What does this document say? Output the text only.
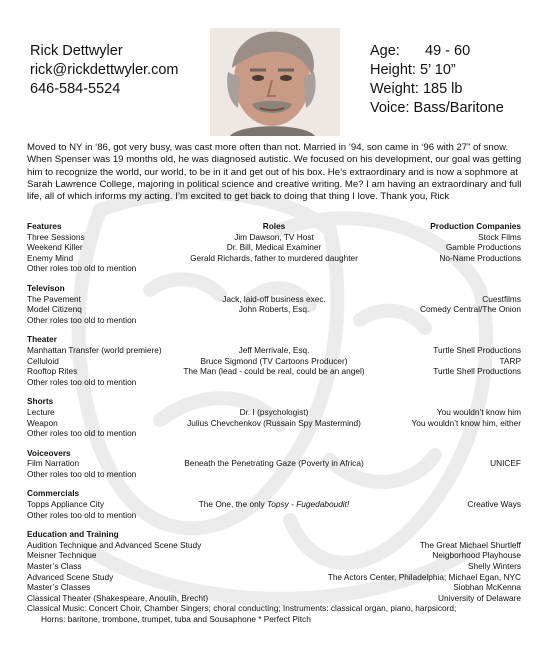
Rick Dettwyler
rick@rickdettwyler.com
646-584-5524
Age: 49 - 60
Height: 5’ 10”
Weight: 185 lb
Voice: Bass/Baritone
Moved to NY in ‘86, got very busy, was cast more often than not. Married in ‘94, son came in ‘96 with 27” of snow. When Spenser was 19 months old, he was diagnosed autistic. We focused on his development, our goal was getting him to recognize the world, our world, to be in it and get out of his box. He’s extraordinary and is now a sophmore at Sarah Lawrence College, majoring in political science and creative writing. Me? I am having an extraordinary and full life, all of which informs my acting. I’m excited to get back to doing that thing I love. Thank you, Rick
Features	Roles	Production Companies
Three Sessions	Jim Dawson, TV Host	Stock Films
Weekend Killer	Dr. Bill, Medical Examiner	Gamble Productions
Enemy Mind	Gerald Richards, father to murdered daughter	No-Name Productions
Other roles too old to mention
Televison
The Pavement	Jack, laid-off business exec.	Cuestfilms
Model Citizenq	John Roberts, Esq.	Comedy Central/The Onion
Other roles too old to mention
Theater
Manhattan Transfer (world premiere)	Jeff Merrivale, Esq.	Turtle Shell Productions
Celluloid	Bruce Sigmond (TV Cartoons Producer)	TARP
Rooftop Rites	The Man (lead - could be real, could be an angel)	Turtle Shell Productions
Other roles too old to mention
Shorts
Lecture	Dr. I (psychologist)	You wouldn’t know him
Weapon	Julius Chevchenkov (Russain Spy Mastermind)	You wouldn’t know him, either
Other roles too old to mention
Voiceovers
Film Narration	Beneath the Penetrating Gaze (Poverty in Africa)	UNICEF
Other roles too old to mention
Commercials
Topps Appliance City	The One, the only Topsy - Fugedaboudit!	Creative Ways
Other roles too old to mention
Education and Training
Audition Technique and Advanced Scene Study	The Great Michael Shurtleff
Meisner Technique	Neigborhood Playhouse
Master’s Class	Shelly Winters
Advanced Scene Study	The Actors Center, Philadelphia; Michael Egan, NYC
Master’s Classes	Siobhan McKenna
Classical Theater (Shakespeare, Anoulih, Brecht)	University of Delaware
Classical Music: Concert Choir, Chamber Singers; choral conducting; Instruments: classical organ, piano, harpsicord;
Horns: baritone, trombone, trumpet, tuba and Sousaphone * Perfect Pitch
